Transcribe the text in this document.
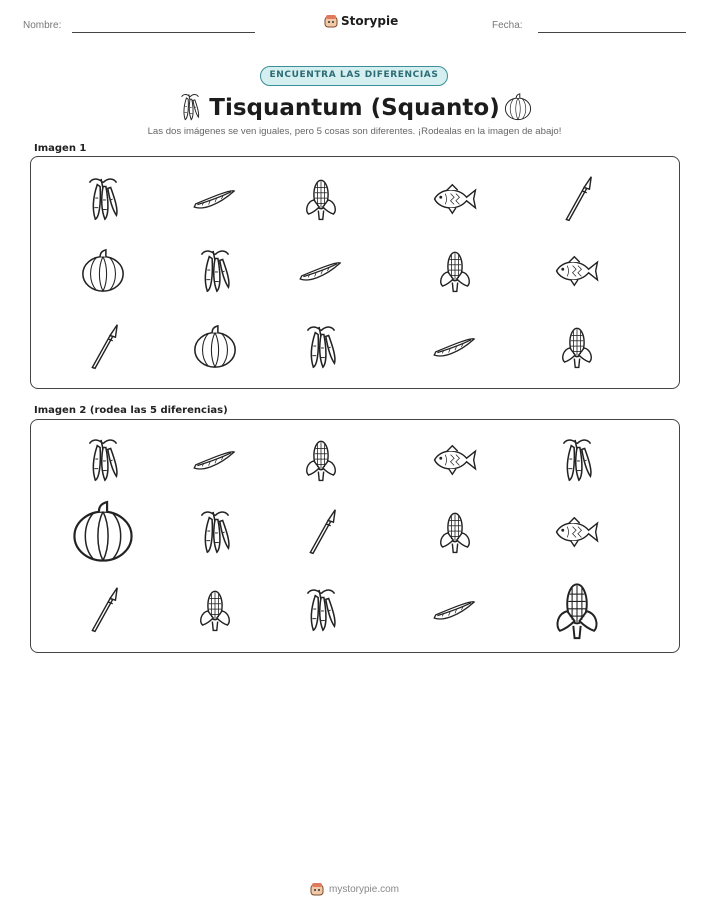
Nombre:	Storypie	Fecha:
ENCUENTRA LAS DIFERENCIAS
Tisquantum (Squanto)
Las dos imágenes se ven iguales, pero 5 cosas son diferentes. ¡Rodealas en la imagen de abajo!
Imagen 1
Imagen 2 (rodea las 5 diferencias)
mystorypie.com
